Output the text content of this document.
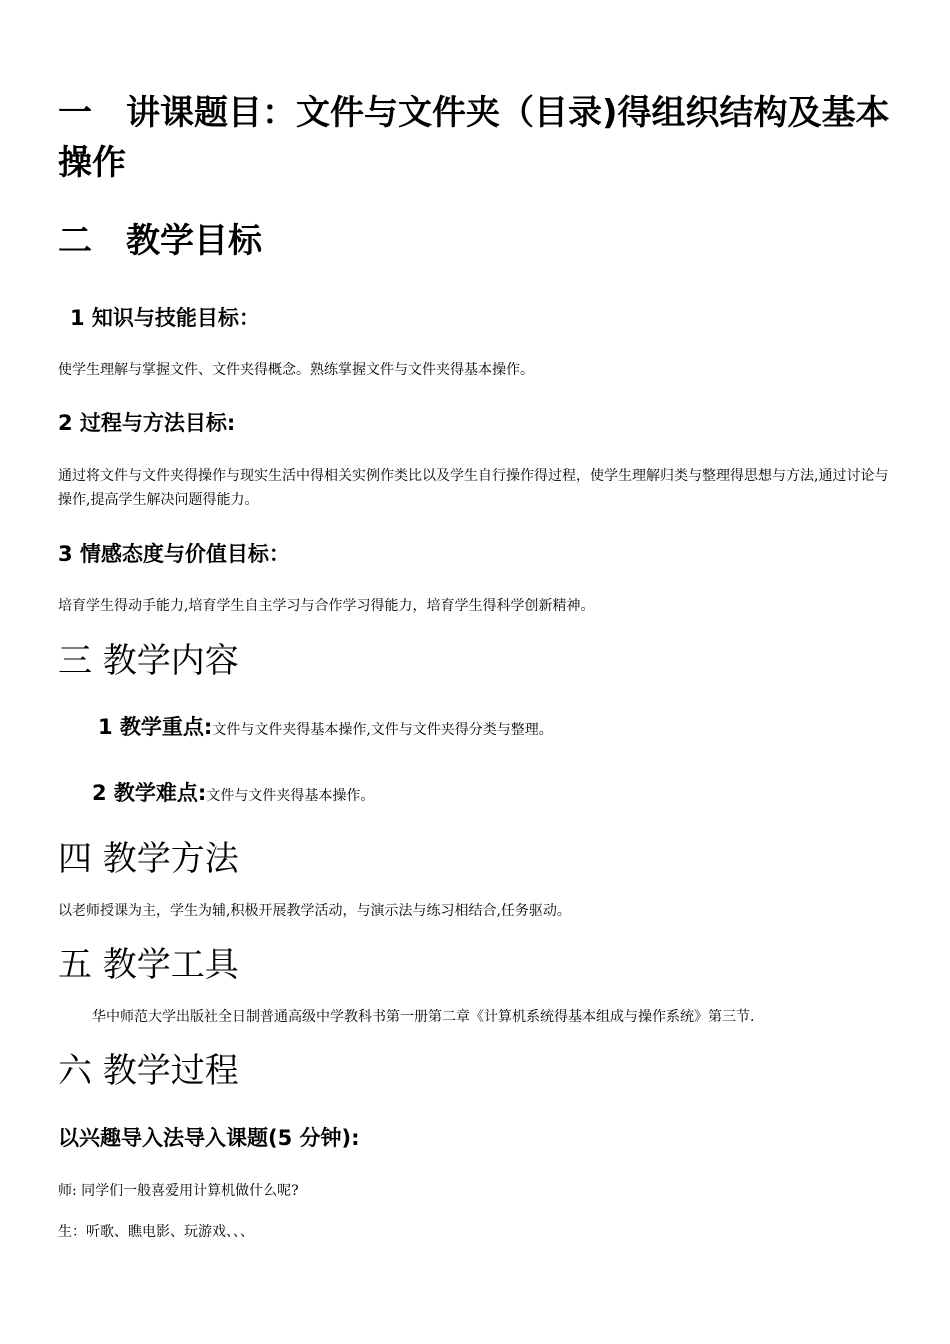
一　讲课题目：文件与文件夹（目录)得组织结构及基本操作
二　教学目标
1 知识与技能目标：

使学生理解与掌握文件、文件夹得概念。熟练掌握文件与文件夹得基本操作。

2 过程与方法目标:

通过将文件与文件夹得操作与现实生活中得相关实例作类比以及学生自行操作得过程，使学生理解归类与整理得思想与方法,通过讨论与操作,提高学生解决问题得能力。

3 情感态度与价值目标：

培育学生得动手能力,培育学生自主学习与合作学习得能力，培育学生得科学创新精神。

三 教学内容
1 教学重点:文件与文件夹得基本操作,文件与文件夹得分类与整理。
2 教学难点:文件与文件夹得基本操作。
四 教学方法

以老师授课为主，学生为辅,积极开展教学活动，与演示法与练习相结合,任务驱动。

五 教学工具

华中师范大学出版社全日制普通高级中学教科书第一册第二章《计算机系统得基本组成与操作系统》第三节.

六 教学过程
以兴趣导入法导入课题(5 分钟):

师: 同学们一般喜爱用计算机做什么呢?

生：听歌、瞧电影、玩游戏、、、
